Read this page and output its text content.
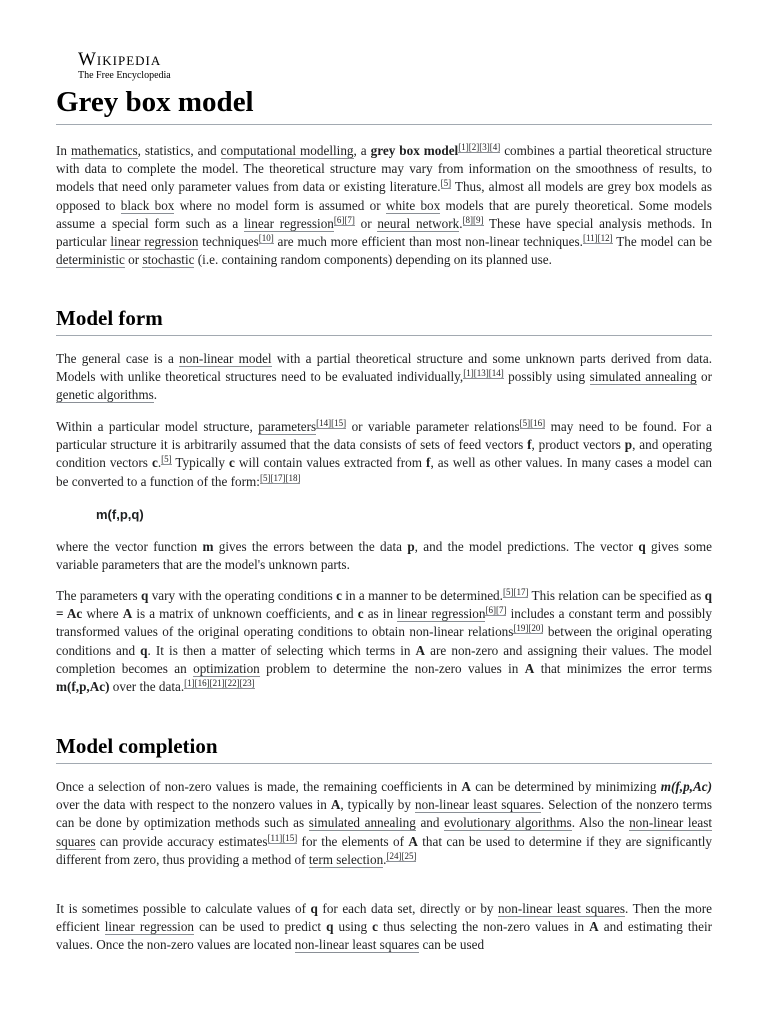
Wikipedia
The Free Encyclopedia
Grey box model

In mathematics, statistics, and computational modelling, a grey box model[1][2][3][4] combines a partial theoretical structure with data to complete the model. The theoretical structure may vary from information on the smoothness of results, to models that need only parameter values from data or existing literature.[5] Thus, almost all models are grey box models as opposed to black box where no model form is assumed or white box models that are purely theoretical. Some models assume a special form such as a linear regression[6][7] or neural network.[8][9] These have special analysis methods. In particular linear regression techniques[10] are much more efficient than most non-linear techniques.[11][12] The model can be deterministic or stochastic (i.e. containing random components) depending on its planned use.

Model form

The general case is a non-linear model with a partial theoretical structure and some unknown parts derived from data. Models with unlike theoretical structures need to be evaluated individually,[1][13][14] possibly using simulated annealing or genetic algorithms.

Within a particular model structure, parameters[14][15] or variable parameter relations[5][16] may need to be found. For a particular structure it is arbitrarily assumed that the data consists of sets of feed vectors f, product vectors p, and operating condition vectors c.[5] Typically c will contain values extracted from f, as well as other values. In many cases a model can be converted to a function of the form:[5][17][18]

m(f,p,q)

where the vector function m gives the errors between the data p, and the model predictions. The vector q gives some variable parameters that are the model's unknown parts.

The parameters q vary with the operating conditions c in a manner to be determined.[5][17] This relation can be specified as q = Ac where A is a matrix of unknown coefficients, and c as in linear regression[6][7] includes a constant term and possibly transformed values of the original operating conditions to obtain non-linear relations[19][20] between the original operating conditions and q. It is then a matter of selecting which terms in A are non-zero and assigning their values. The model completion becomes an optimization problem to determine the non-zero values in A that minimizes the error terms m(f,p,Ac) over the data.[1][16][21][22][23]

Model completion

Once a selection of non-zero values is made, the remaining coefficients in A can be determined by minimizing m(f,p,Ac) over the data with respect to the nonzero values in A, typically by non-linear least squares. Selection of the nonzero terms can be done by optimization methods such as simulated annealing and evolutionary algorithms. Also the non-linear least squares can provide accuracy estimates[11][15] for the elements of A that can be used to determine if they are significantly different from zero, thus providing a method of term selection.[24][25]

It is sometimes possible to calculate values of q for each data set, directly or by non-linear least squares. Then the more efficient linear regression can be used to predict q using c thus selecting the non-zero values in A and estimating their values. Once the non-zero values are located non-linear least squares can be used
